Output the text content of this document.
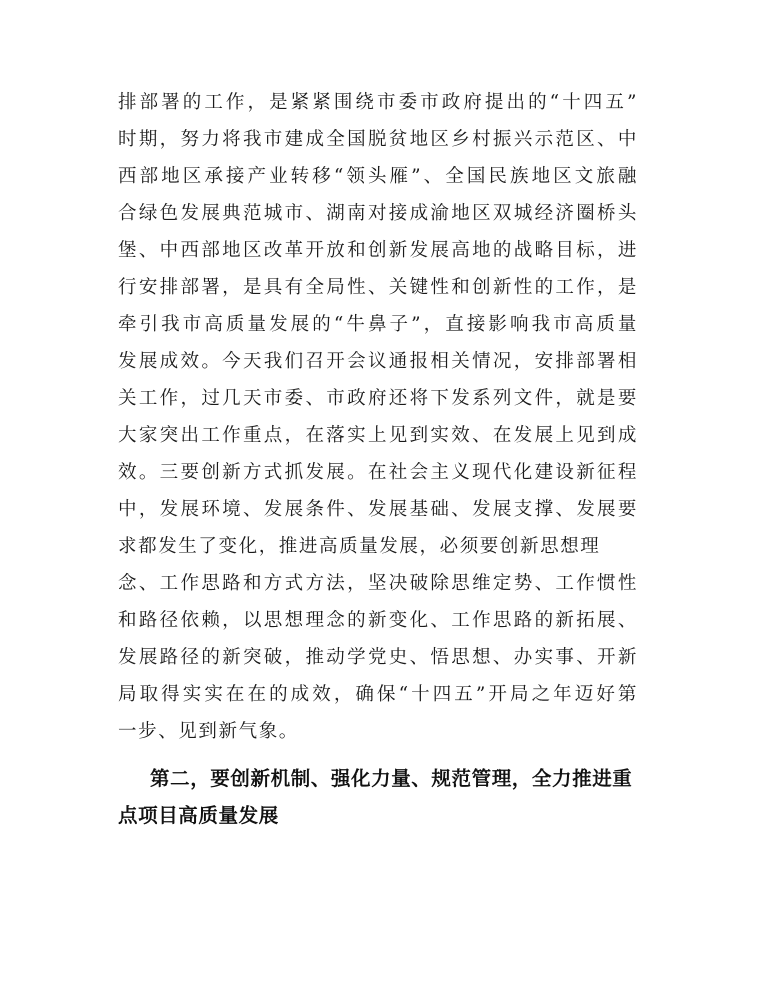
排部署的工作，是紧紧围绕市委市政府提出的“十四五”
时期，努力将我市建成全国脱贫地区乡村振兴示范区、中
西部地区承接产业转移“领头雁”、全国民族地区文旅融
合绿色发展典范城市、湖南对接成渝地区双城经济圈桥头
堡、中西部地区改革开放和创新发展高地的战略目标，进
行安排部署，是具有全局性、关键性和创新性的工作，是
牵引我市高质量发展的“牛鼻子”，直接影响我市高质量
发展成效。今天我们召开会议通报相关情况，安排部署相
关工作，过几天市委、市政府还将下发系列文件，就是要
大家突出工作重点，在落实上见到实效、在发展上见到成
效。三要创新方式抓发展。在社会主义现代化建设新征程
中，发展环境、发展条件、发展基础、发展支撑、发展要
求都发生了变化，推进高质量发展，必须要创新思想理
念、工作思路和方式方法，坚决破除思维定势、工作惯性
和路径依赖，以思想理念的新变化、工作思路的新拓展、
发展路径的新突破，推动学党史、悟思想、办实事、开新
局取得实实在在的成效，确保“十四五”开局之年迈好第
一步、见到新气象。
第二，要创新机制、强化力量、规范管理，全力推进重
点项目高质量发展
